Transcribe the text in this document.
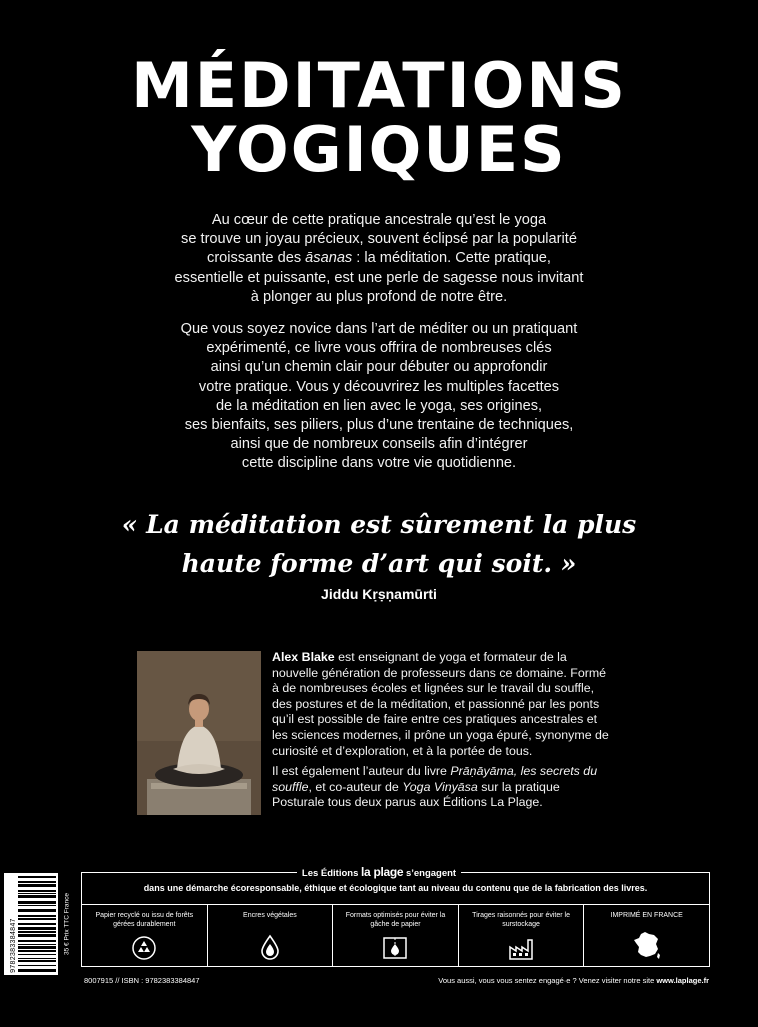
MÉDITATIONS
YOGIQUES
Au cœur de cette pratique ancestrale qu’est le yoga
se trouve un joyau précieux, souvent éclipsé par la popularité
croissante des āsanas : la méditation. Cette pratique,
essentielle et puissante, est une perle de sagesse nous invitant
à plonger au plus profond de notre être.
Que vous soyez novice dans l’art de méditer ou un pratiquant
expérimenté, ce livre vous offrira de nombreuses clés
ainsi qu’un chemin clair pour débuter ou approfondir
votre pratique. Vous y découvrirez les multiples facettes
de la méditation en lien avec le yoga, ses origines,
ses bienfaits, ses piliers, plus d’une trentaine de techniques,
ainsi que de nombreux conseils afin d’intégrer
cette discipline dans votre vie quotidienne.
« La méditation est sûrement la plus
haute forme d’art qui soit. »
Jiddu Kṛṣṇamūrti

Alex Blake est enseignant de yoga et formateur de la nouvelle génération de professeurs dans ce domaine. Formé à de nombreuses écoles et lignées sur le travail du souffle, des postures et de la méditation, et passionné par les ponts qu’il est possible de faire entre ces pratiques ancestrales et les sciences modernes, il prône un yoga épuré, synonyme de curiosité et d’exploration, et à la portée de tous.

Il est également l’auteur du livre Prāṇāyāma, les secrets du souffle, et co-auteur de Yoga Vinyāsa sur la pratique Posturale tous deux parus aux Éditions La Plage.

9782383384847	35 € Prix TTC France
Les Éditions la plage s’engagent
dans une démarche écoresponsable, éthique et écologique tant au niveau du contenu que de la fabrication des livres.
Papier recyclé ou issu de forêts gérées durablement
Encres végétales	Formats optimisés pour éviter la gâche de papier
Tirages raisonnés pour éviter le surstockage
IMPRIMÉ EN FRANCE
8007915 // ISBN : 9782383384847	Vous aussi, vous vous sentez engagé·e ? Venez visiter notre site www.laplage.fr
